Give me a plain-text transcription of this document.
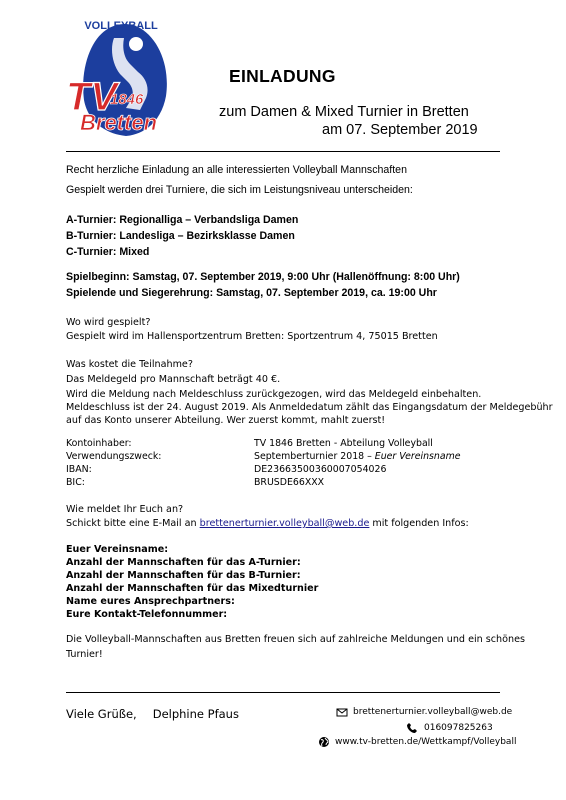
VOLLEYBALL
TV
1846
Bretten
EINLADUNG
zum Damen & Mixed Turnier in Bretten
am 07. September 2019
Recht herzliche Einladung an alle interessierten Volleyball Mannschaften
Gespielt werden drei Turniere, die sich im Leistungsniveau unterscheiden:
A-Turnier: Regionalliga – Verbandsliga Damen
B-Turnier: Landesliga – Bezirksklasse Damen
C-Turnier: Mixed
Spielbeginn: Samstag, 07. September 2019, 9:00 Uhr (Hallenöffnung: 8:00 Uhr)
Spielende und Siegerehrung: Samstag, 07. September 2019, ca. 19:00 Uhr
Wo wird gespielt?
Gespielt wird im Hallensportzentrum Bretten: Sportzentrum 4, 75015 Bretten
Was kostet die Teilnahme?
Das Meldegeld pro Mannschaft beträgt 40 €.
Wird die Meldung nach Meldeschluss zurückgezogen, wird das Meldegeld einbehalten.
Meldeschluss ist der 24. August 2019. Als Anmeldedatum zählt das Eingangsdatum der Meldegebühr
auf das Konto unserer Abteilung. Wer zuerst kommt, mahlt zuerst!
Kontoinhaber:	TV 1846 Bretten - Abteilung Volleyball
Verwendungszweck:	Septemberturnier 2018 – Euer Vereinsname
IBAN:	DE23663500360007054026
BIC:	BRUSDE66XXX
Wie meldet Ihr Euch an?
Schickt bitte eine E-Mail an brettenerturnier.volleyball@web.de mit folgenden Infos:
Euer Vereinsname:
Anzahl der Mannschaften für das A-Turnier:
Anzahl der Mannschaften für das B-Turnier:
Anzahl der Mannschaften für das Mixedturnier
Name eures Ansprechpartners:
Eure Kontakt-Telefonnummer:
Die Volleyball-Mannschaften aus Bretten freuen sich auf zahlreiche Meldungen und ein schönes
Turnier!
Viele Grüße, Delphine Pfaus	brettenerturnier.volleyball@web.de
016097825263
www.tv-bretten.de/Wettkampf/Volleyball
